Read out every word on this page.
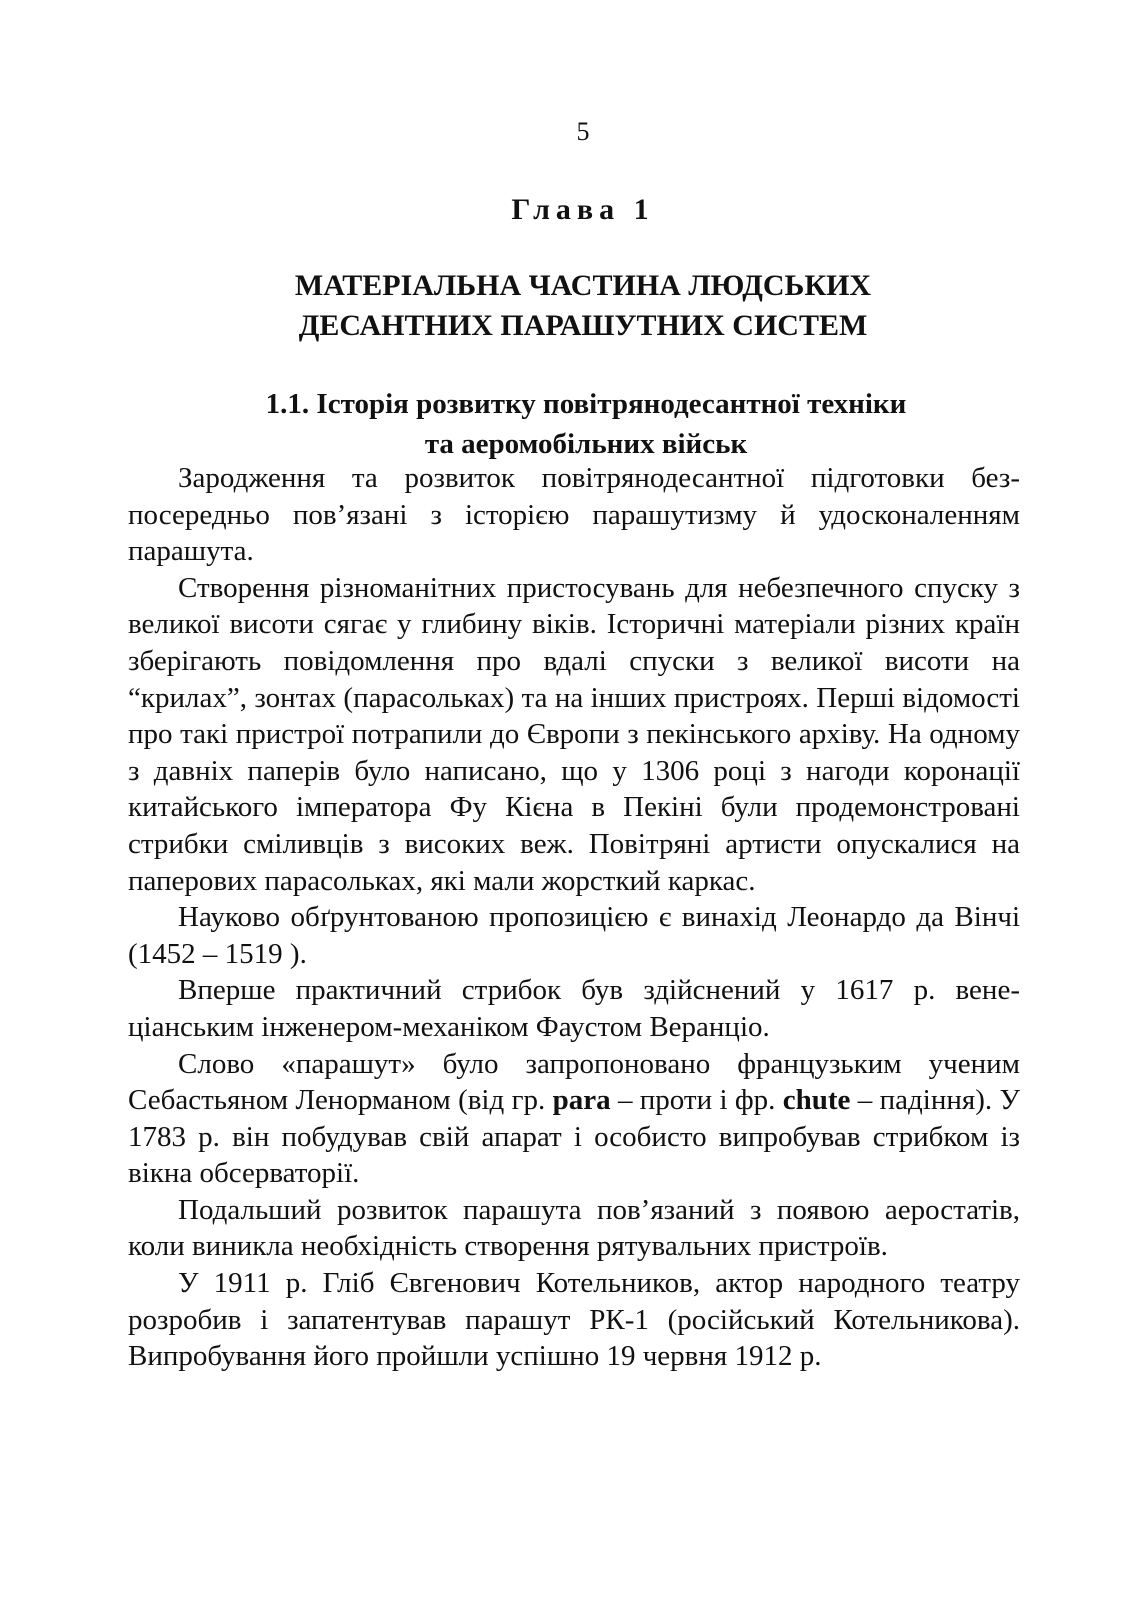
5
Глава 1
МАТЕРІАЛЬНА ЧАСТИНА ЛЮДСЬКИХ
ДЕСАНТНИХ ПАРАШУТНИХ СИСТЕМ
1.1. Історія розвитку повітрянодесантної техніки
та аеромобільних військ

Зародження та розвиток повітрянодесантної підготовки безпосередньо пов’язані з історією парашутизму й удосконаленням парашута.

Створення різноманітних пристосувань для небезпечного спуску з великої висоти сягає у глибину віків. Історичні матеріали різних країн зберігають повідомлення про вдалі спуски з великої висоти на “крилах”, зонтах (парасольках) та на інших пристроях. Перші відомості про такі пристрої потрапили до Європи з пекінського архіву. На одному з давніх паперів було написано, що у 1306 році з нагоди коронації китайського імператора Фу Кієна в Пекіні були продемонстровані стрибки сміливців з високих веж. Повітряні артисти опускалися на паперових парасольках, які мали жорсткий каркас.

Науково обґрунтованою пропозицією є винахід Леонардо да Вінчі (1452 – 1519 ).

Вперше практичний стрибок був здійснений у 1617 р. венеціанським інженером-механіком Фаустом Веранціо.

Слово «парашут» було запропоновано французьким ученим Себастьяном Ленорманом (від гр. para – проти і фр. chute – падіння). У 1783 р. він побудував свій апарат і особисто випробував стрибком із вікна обсерваторії.

Подальший розвиток парашута пов’язаний з появою аеростатів, коли виникла необхідність створення рятувальних пристроїв.

У 1911 р. Гліб Євгенович Котельников, актор народного театру розробив і запатентував парашут РК-1 (російський Котельникова). Випробування його пройшли успішно 19 червня 1912 р.
